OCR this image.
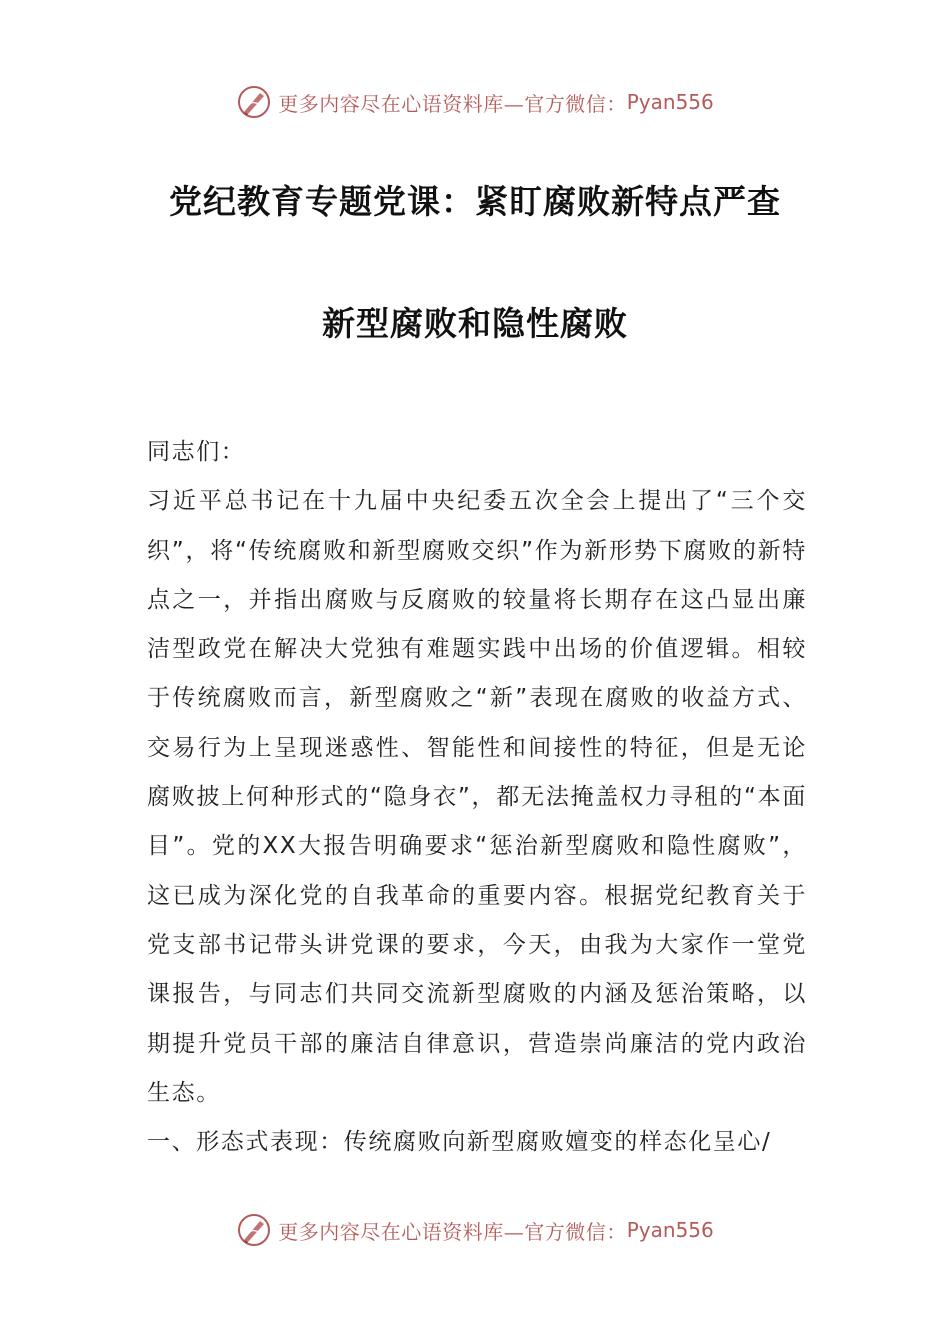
更多内容尽在心语资料库—官方微信： Pyan556
党纪教育专题党课：紧盯腐败新特点严查
新型腐败和隐性腐败

同志们：

习近平总书记在十九届中央纪委五次全会上提出了“三个交织”，将“传统腐败和新型腐败交织”作为新形势下腐败的新特点之一，并指出腐败与反腐败的较量将长期存在这凸显出廉洁型政党在解决大党独有难题实践中出场的价值逻辑。相较于传统腐败而言，新型腐败之“新”表现在腐败的收益方式、交易行为上呈现迷惑性、智能性和间接性的特征，但是无论腐败披上何种形式的“隐身衣”，都无法掩盖权力寻租的“本面目”。党的XX大报告明确要求“惩治新型腐败和隐性腐败”，这已成为深化党的自我革命的重要内容。根据党纪教育关于党支部书记带头讲党课的要求，今天，由我为大家作一堂党课报告，与同志们共同交流新型腐败的内涵及惩治策略，以期提升党员干部的廉洁自律意识，营造崇尚廉洁的党内政治生态。

一、形态式表现：传统腐败向新型腐败嬗变的样态化呈心/

更多内容尽在心语资料库—官方微信： Pyan556
